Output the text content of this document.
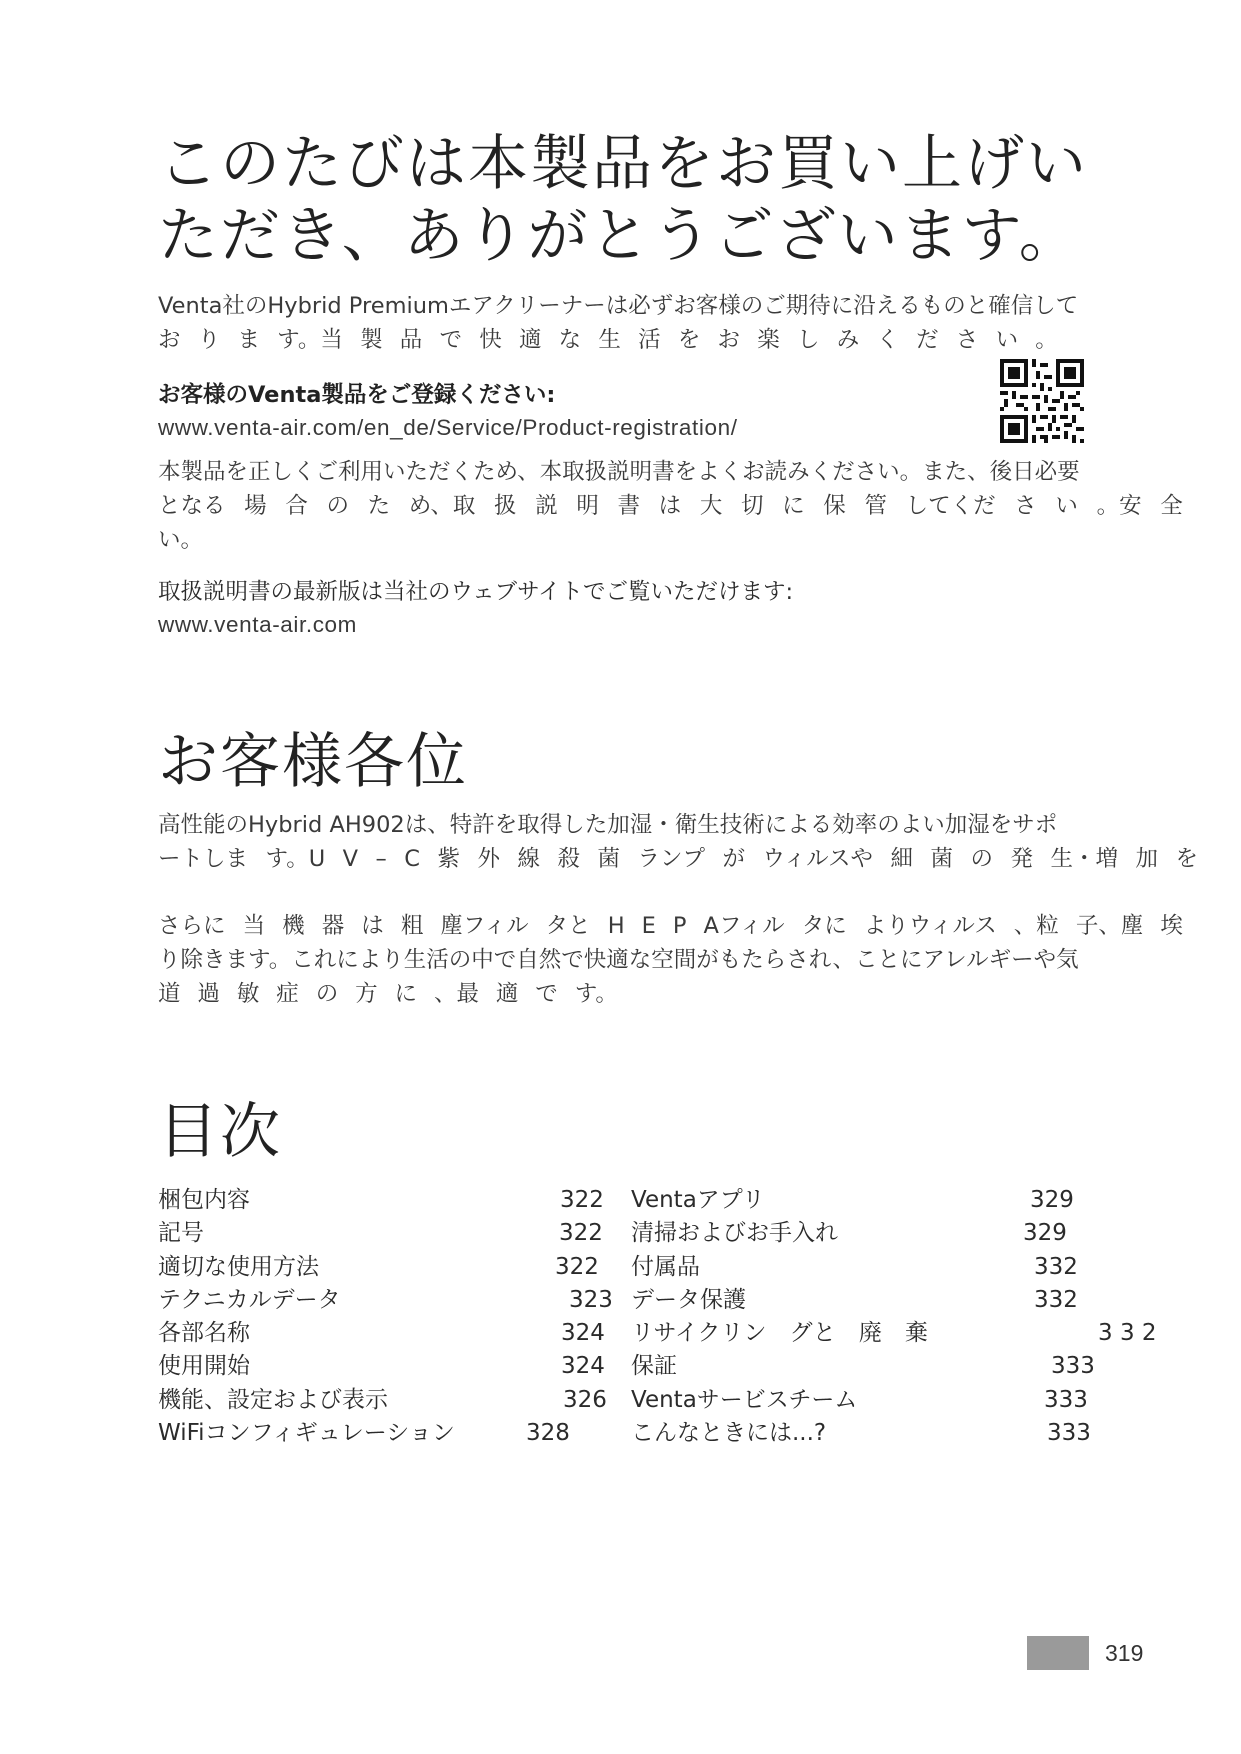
このたびは本製品をお買い上げい
ただき、ありがとうございます。
Venta社のHybrid Premiumエアクリーナーは必ずお客様のご期待に沿えるものと確信して
お り ま す。当 製 品 で 快 適 な 生 活 を お 楽 し み く だ さ い 。
お客様のVenta製品をご登録ください:
www.venta-air.com/en_de/Service/Product-registration/
本製品を正しくご利用いただくため、本取扱説明書をよくお読みください。また、後日必要
となる 場 合 の た め、取 扱 説 明 書 は 大 切 に 保 管 してくだ さ い 。安 全
い。
取扱説明書の最新版は当社のウェブサイトでご覧いただけます:
www.venta-air.com
お客様各位
高性能のHybrid AH902は、特許を取得した加湿・衛生技術による効率のよい加湿をサポ
ートしま す。U V – C 紫 外 線 殺 菌 ランプ が ウィルスや 細 菌 の 発 生・増 加 を
さらに 当 機 器 は 粗 塵フィル タと H E P Aフィル タに よりウィルス 、粒 子、塵 埃
り除きます。これにより生活の中で自然で快適な空間がもたらされ、ことにアレルギーや気
道 過 敏 症 の 方 に 、最 適 で す。
目次
梱包内容	322 Ventaアプリ	329
記号	322 清掃およびお手入れ	329
適切な使用方法	322 付属品	332
テクニカルデータ	323 データ保護	332
各部名称	324 リサイクリン　グと　廃　棄	3 3 2
使用開始	324 保証	333
機能、設定および表示	326 Ventaサービスチーム	333
WiFiコンフィギュレーション	328	こんなときには...?	333
319
